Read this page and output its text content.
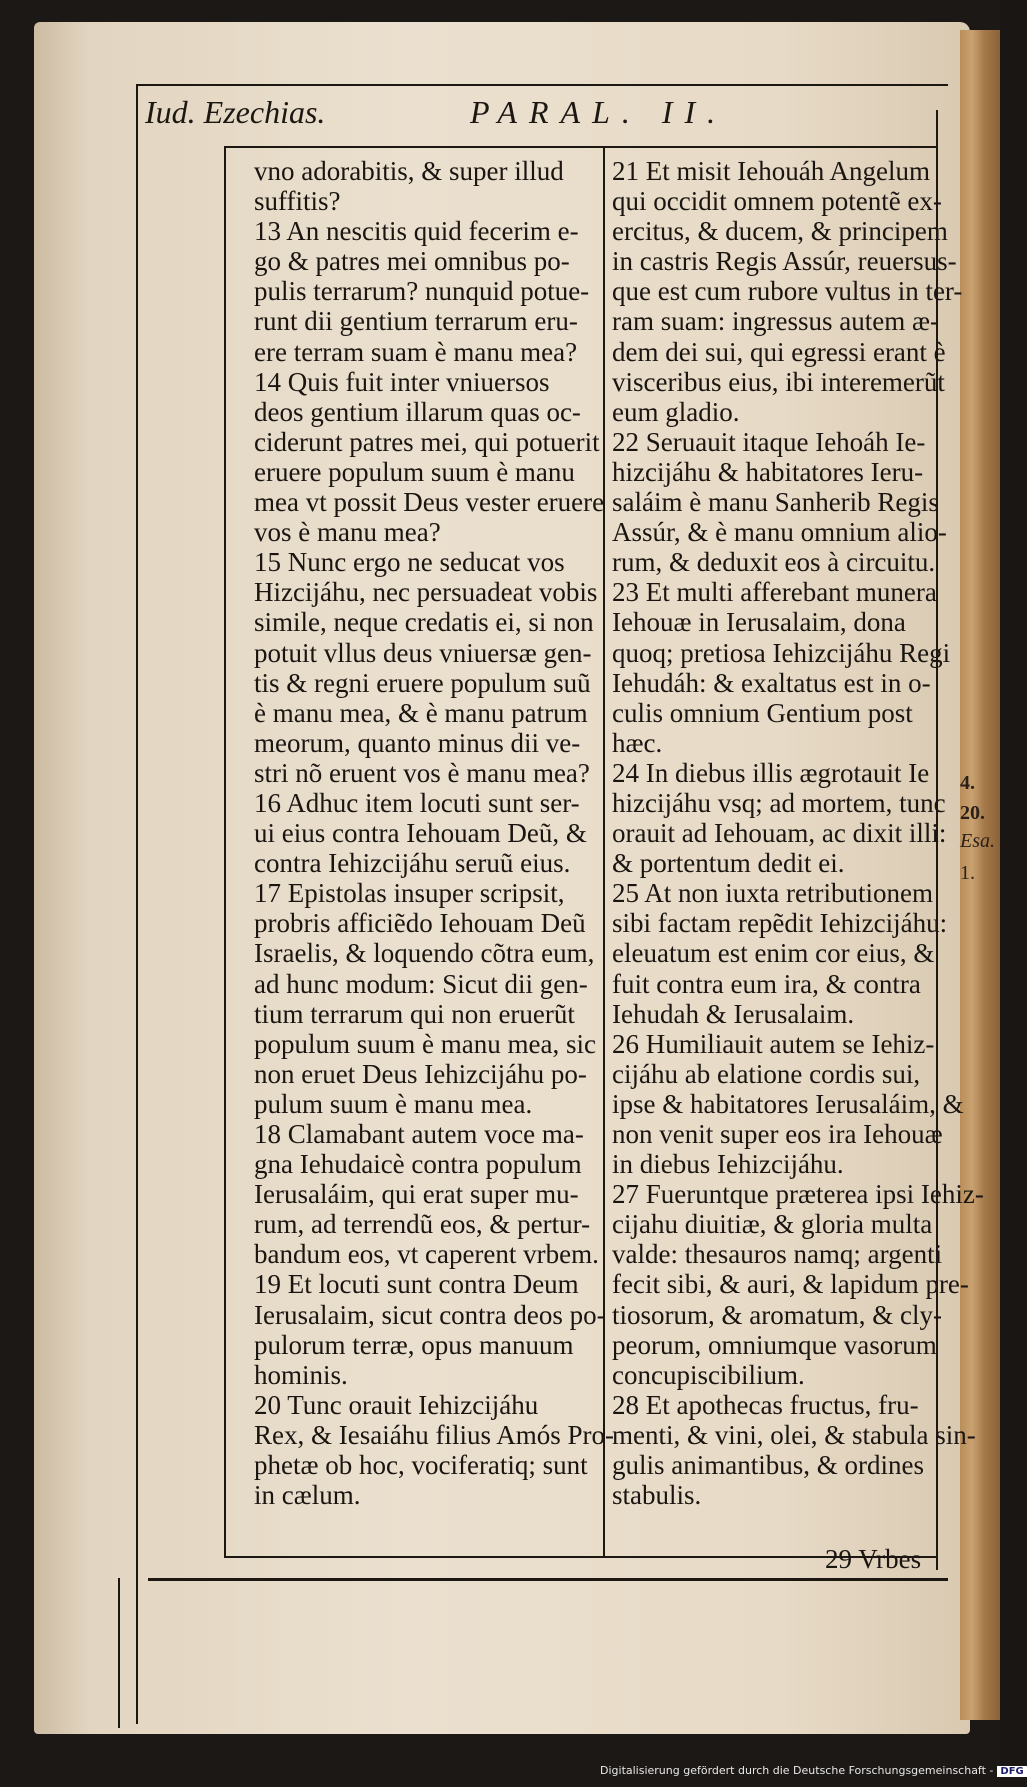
4.
20.
Esa.
1.
Iud. Ezechias.	PARAL. II.
vno adorabitis, & super illud
suffitis?
13 An nescitis quid fecerim e-
go & patres mei omnibus po-
pulis terrarum? nunquid potue-
runt dii gentium terrarum eru-
ere terram suam è manu mea?
14 Quis fuit inter vniuersos
deos gentium illarum quas oc-
ciderunt patres mei, qui potuerit
eruere populum suum è manu
mea vt possit Deus vester eruere
vos è manu mea?
15 Nunc ergo ne seducat vos
Hizcijáhu, nec persuadeat vobis
simile, neque credatis ei, si non
potuit vllus deus vniuersæ gen-
tis & regni eruere populum suũ
è manu mea, & è manu patrum
meorum, quanto minus dii ve-
stri nõ eruent vos è manu mea?
16 Adhuc item locuti sunt ser-
ui eius contra Iehouam Deũ, &
contra Iehizcijáhu seruũ eius.
17 Epistolas insuper scripsit,
probris afficiẽdo Iehouam Deũ
Israelis, & loquendo cõtra eum,
ad hunc modum: Sicut dii gen-
tium terrarum qui non eruerũt
populum suum è manu mea, sic
non eruet Deus Iehizcijáhu po-
pulum suum è manu mea.
18 Clamabant autem voce ma-
gna Iehudaicè contra populum
Ierusaláim, qui erat super mu-
rum, ad terrendũ eos, & pertur-
bandum eos, vt caperent vrbem.
19 Et locuti sunt contra Deum
Ierusalaim, sicut contra deos po-
pulorum terræ, opus manuum
hominis.
20 Tunc orauit Iehizcijáhu
Rex, & Iesaiáhu filius Amós Pro-
phetæ ob hoc, vociferatiq; sunt
in cælum.
21 Et misit Iehouáh Angelum
qui occidit omnem potentẽ ex-
ercitus, & ducem, & principem
in castris Regis Assúr, reuersus-
que est cum rubore vultus in ter-
ram suam: ingressus autem æ-
dem dei sui, qui egressi erant è
visceribus eius, ibi interemerũt
eum gladio.
22 Seruauit itaque Iehoáh Ie-
hizcijáhu & habitatores Ieru-
saláim è manu Sanherib Regis
Assúr, & è manu omnium alio-
rum, & deduxit eos à circuitu.
23 Et multi afferebant munera
Iehouæ in Ierusalaim, dona
quoq; pretiosa Iehizcijáhu Regi
Iehudáh: & exaltatus est in o-
culis omnium Gentium post
hæc.
24 In diebus illis ægrotauit Ie
hizcijáhu vsq; ad mortem, tunc
orauit ad Iehouam, ac dixit illi:
& portentum dedit ei.
25 At non iuxta retributionem
sibi factam repẽdit Iehizcijáhu:
eleuatum est enim cor eius, &
fuit contra eum ira, & contra
Iehudah & Ierusalaim.
26 Humiliauit autem se Iehiz-
cijáhu ab elatione cordis sui,
ipse & habitatores Ierusaláim, &
non venit super eos ira Iehouæ
in diebus Iehizcijáhu.
27 Fueruntque præterea ipsi Iehiz-
cijahu diuitiæ, & gloria multa
valde: thesauros namq; argenti
fecit sibi, & auri, & lapidum pre-
tiosorum, & aromatum, & cly-
peorum, omniumque vasorum
concupiscibilium.
28 Et apothecas fructus, fru-
menti, & vini, olei, & stabula sin-
gulis animantibus, & ordines
stabulis.
29 Vrbes
Digitalisierung gefördert durch die Deutsche Forschungsgemeinschaft - DFG
